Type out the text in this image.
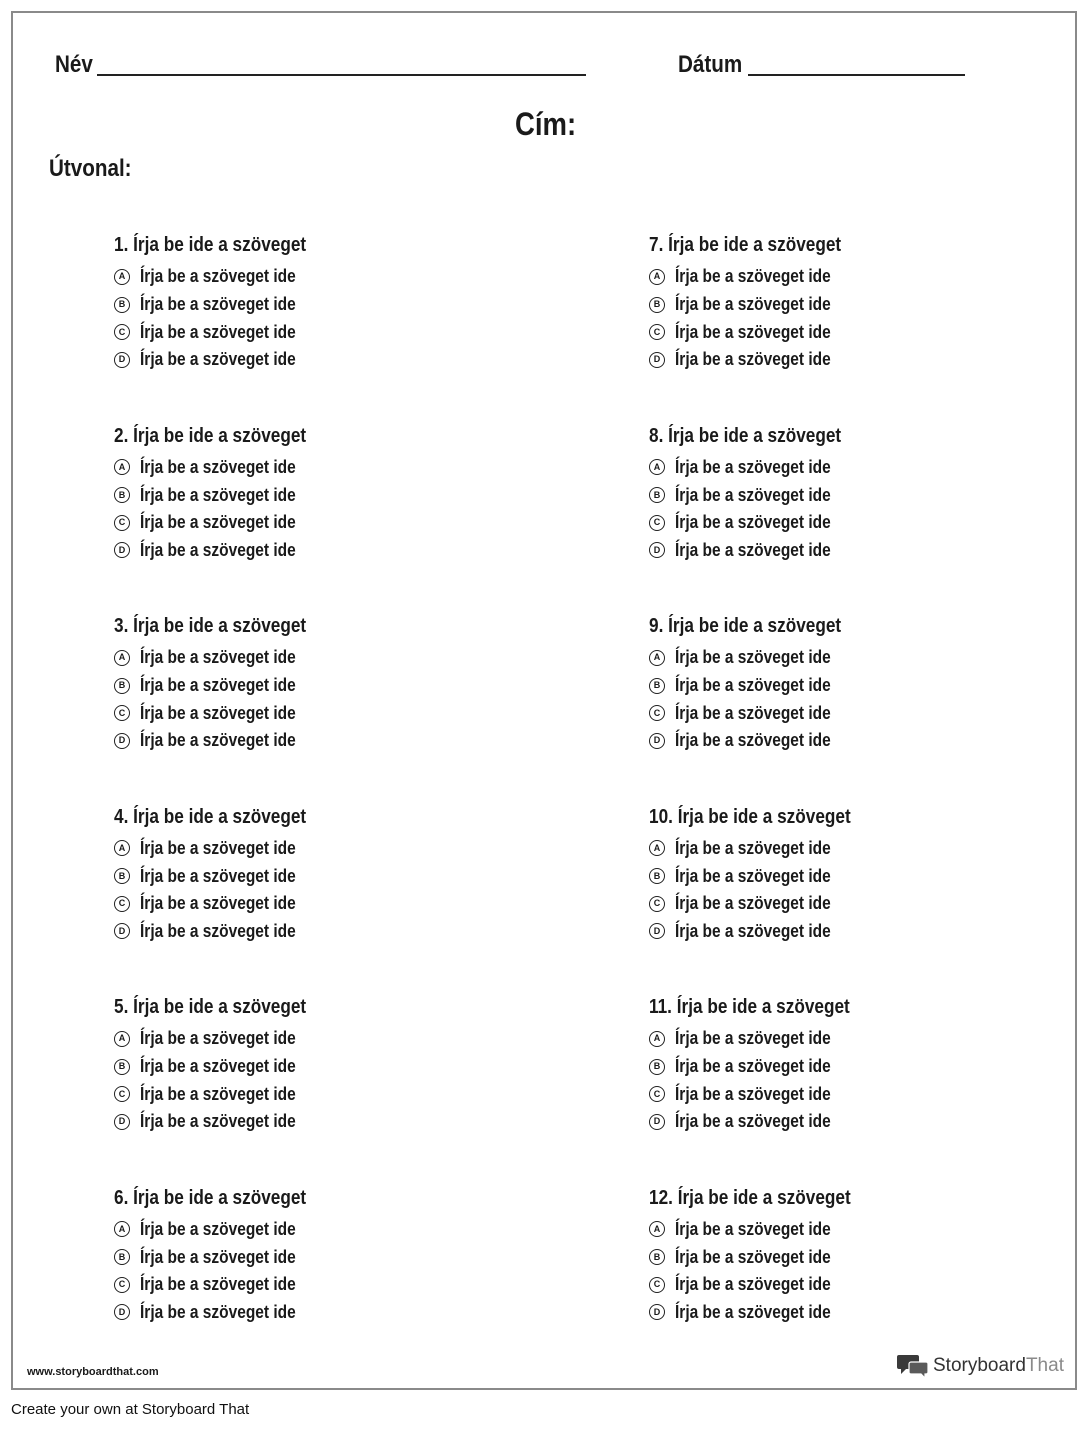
Név	Dátum
Cím:
Útvonal:
1. Írja be ide a szöveget
A Írja be a szöveget ide
B Írja be a szöveget ide
C Írja be a szöveget ide
D Írja be a szöveget ide
2. Írja be ide a szöveget
A Írja be a szöveget ide
B Írja be a szöveget ide
C Írja be a szöveget ide
D Írja be a szöveget ide
3. Írja be ide a szöveget
A Írja be a szöveget ide
B Írja be a szöveget ide
C Írja be a szöveget ide
D Írja be a szöveget ide
4. Írja be ide a szöveget
A Írja be a szöveget ide
B Írja be a szöveget ide
C Írja be a szöveget ide
D Írja be a szöveget ide
5. Írja be ide a szöveget
A Írja be a szöveget ide
B Írja be a szöveget ide
C Írja be a szöveget ide
D Írja be a szöveget ide
6. Írja be ide a szöveget
A Írja be a szöveget ide
B Írja be a szöveget ide
C Írja be a szöveget ide
D Írja be a szöveget ide
7. Írja be ide a szöveget
A Írja be a szöveget ide
B Írja be a szöveget ide
C Írja be a szöveget ide
D Írja be a szöveget ide
8. Írja be ide a szöveget
A Írja be a szöveget ide
B Írja be a szöveget ide
C Írja be a szöveget ide
D Írja be a szöveget ide
9. Írja be ide a szöveget
A Írja be a szöveget ide
B Írja be a szöveget ide
C Írja be a szöveget ide
D Írja be a szöveget ide
10. Írja be ide a szöveget
A Írja be a szöveget ide
B Írja be a szöveget ide
C Írja be a szöveget ide
D Írja be a szöveget ide
11. Írja be ide a szöveget
A Írja be a szöveget ide
B Írja be a szöveget ide
C Írja be a szöveget ide
D Írja be a szöveget ide
12. Írja be ide a szöveget
A Írja be a szöveget ide
B Írja be a szöveget ide
C Írja be a szöveget ide
D Írja be a szöveget ide
www.storyboardthat.com	StoryboardThat
Create your own at Storyboard That
